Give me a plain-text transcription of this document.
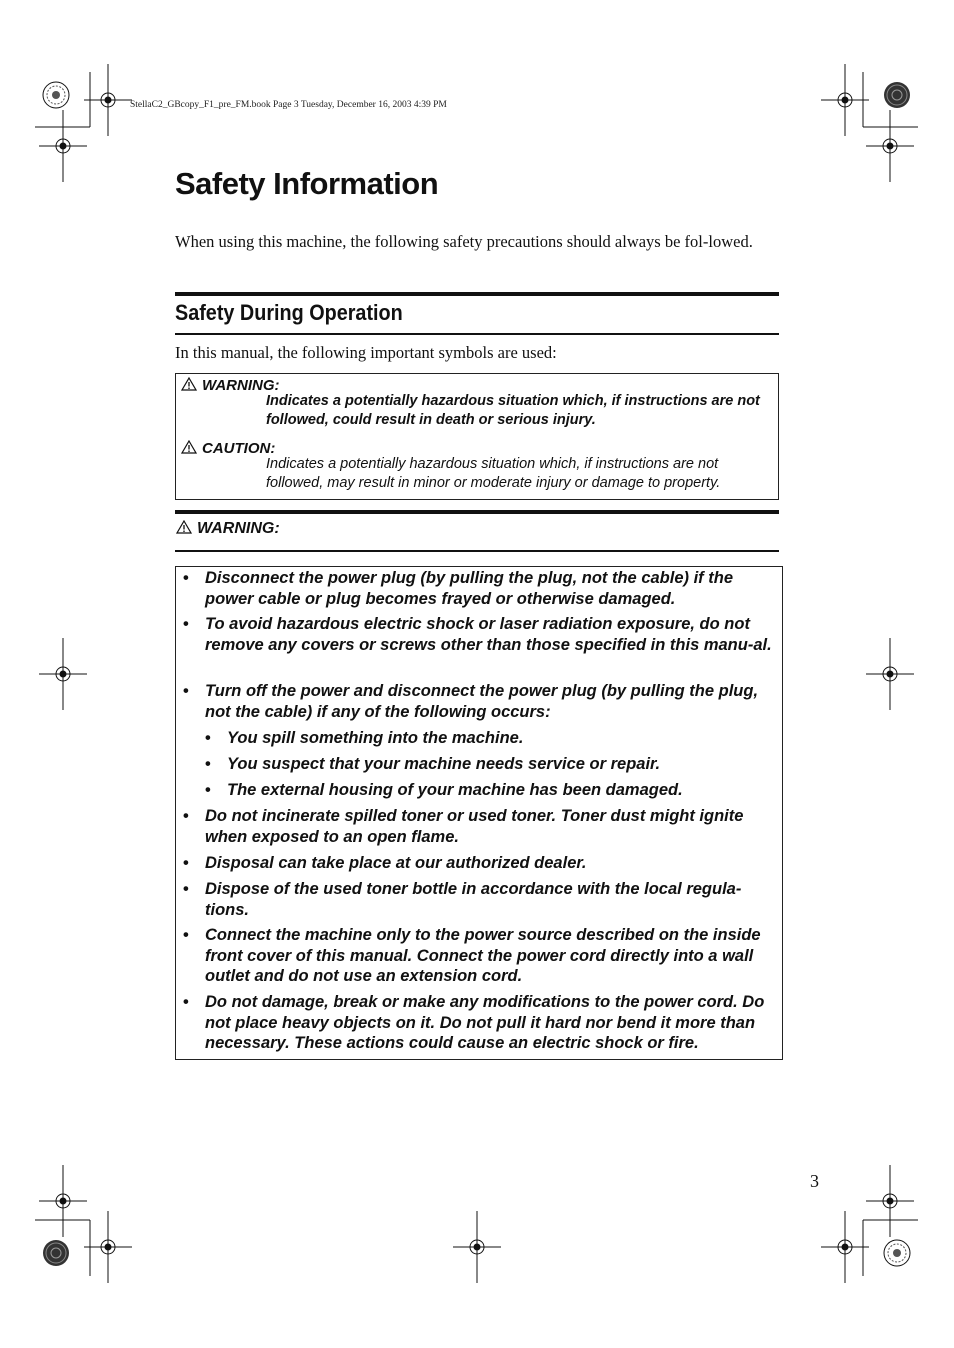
StellaC2_GBcopy_F1_pre_FM.book Page 3 Tuesday, December 16, 2003 4:39 PM
Safety Information

When using this machine, the following safety precautions should always be fol-lowed.

Safety During Operation

In this manual, the following important symbols are used:

WARNING:
Indicates a potentially hazardous situation which, if instructions are not followed, could result in death or serious injury.
CAUTION:
Indicates a potentially hazardous situation which, if instructions are not followed, may result in minor or moderate injury or damage to property.
WARNING:
• Disconnect the power plug (by pulling the plug, not the cable) if the power cable or plug becomes frayed or otherwise damaged.
• To avoid hazardous electric shock or laser radiation exposure, do not remove any covers or screws other than those specified in this manu-al.
• Turn off the power and disconnect the power plug (by pulling the plug, not the cable) if any of the following occurs:
• You spill something into the machine.
• You suspect that your machine needs service or repair.
• The external housing of your machine has been damaged.
• Do not incinerate spilled toner or used toner. Toner dust might ignite when exposed to an open flame.
• Disposal can take place at our authorized dealer.
• Dispose of the used toner bottle in accordance with the local regula-tions.
• Connect the machine only to the power source described on the inside front cover of this manual. Connect the power cord directly into a wall outlet and do not use an extension cord.
• Do not damage, break or make any modifications to the power cord. Do not place heavy objects on it. Do not pull it hard nor bend it more than necessary. These actions could cause an electric shock or fire.
3
